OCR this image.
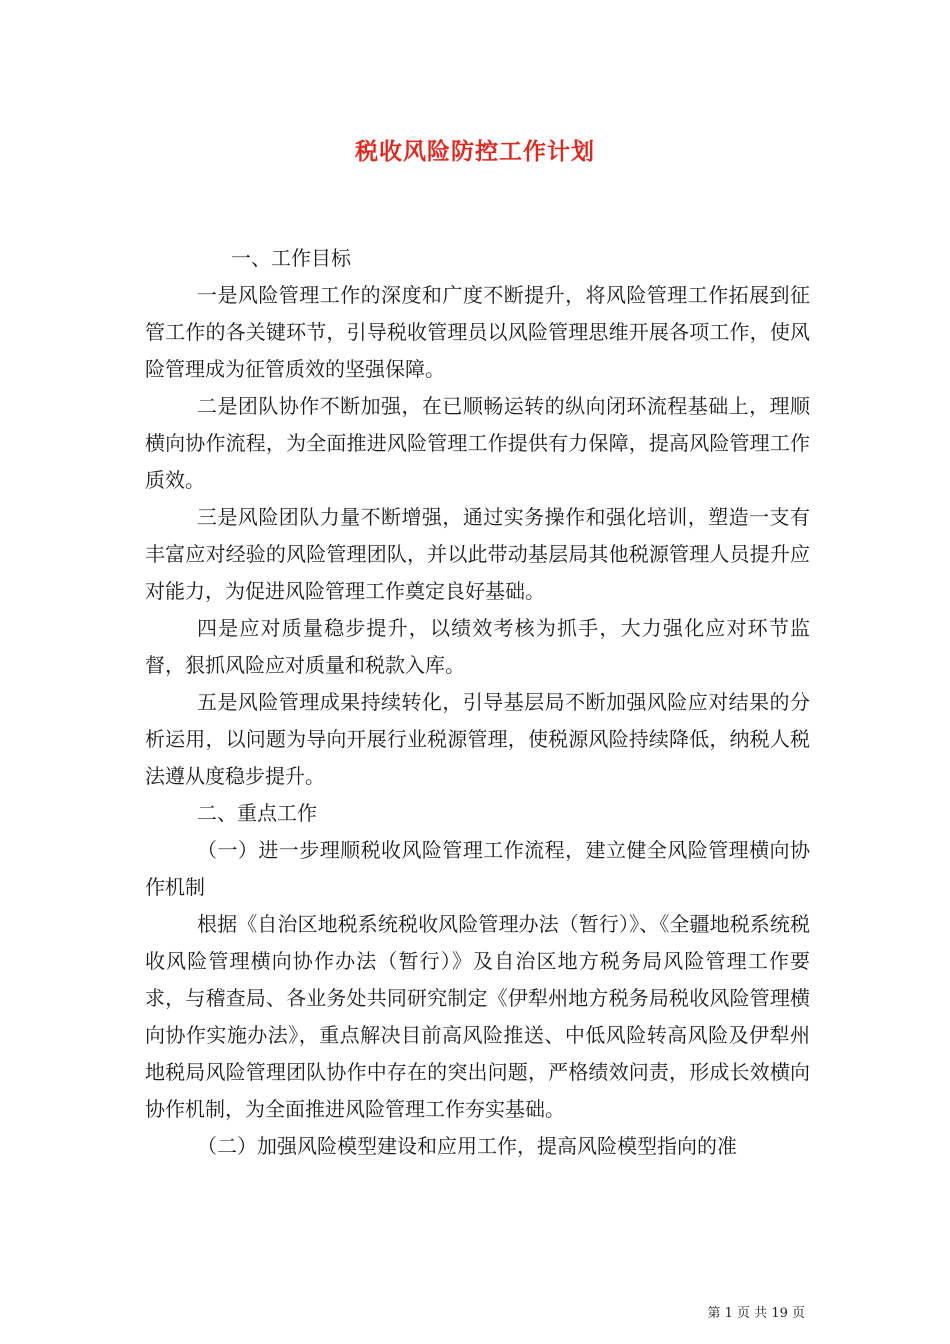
税收风险防控工作计划

一、工作目标

一是风险管理工作的深度和广度不断提升，将风险管理工作拓展到征管工作的各关键环节，引导税收管理员以风险管理思维开展各项工作，使风险管理成为征管质效的坚强保障。

二是团队协作不断加强，在已顺畅运转的纵向闭环流程基础上，理顺横向协作流程，为全面推进风险管理工作提供有力保障，提高风险管理工作质效。

三是风险团队力量不断增强，通过实务操作和强化培训，塑造一支有丰富应对经验的风险管理团队，并以此带动基层局其他税源管理人员提升应对能力，为促进风险管理工作奠定良好基础。

四是应对质量稳步提升，以绩效考核为抓手，大力强化应对环节监督，狠抓风险应对质量和税款入库。

五是风险管理成果持续转化，引导基层局不断加强风险应对结果的分析运用，以问题为导向开展行业税源管理，使税源风险持续降低，纳税人税法遵从度稳步提升。

二、重点工作

（一）进一步理顺税收风险管理工作流程，建立健全风险管理横向协作机制

根据《自治区地税系统税收风险管理办法（暂行）》、《全疆地税系统税收风险管理横向协作办法（暂行）》及自治区地方税务局风险管理工作要求，与稽查局、各业务处共同研究制定《伊犁州地方税务局税收风险管理横向协作实施办法》，重点解决目前高风险推送、中低风险转高风险及伊犁州地税局风险管理团队协作中存在的突出问题，严格绩效问责，形成长效横向协作机制，为全面推进风险管理工作夯实基础。

（二）加强风险模型建设和应用工作，提高风险模型指向的准

第 1 页 共 19 页
